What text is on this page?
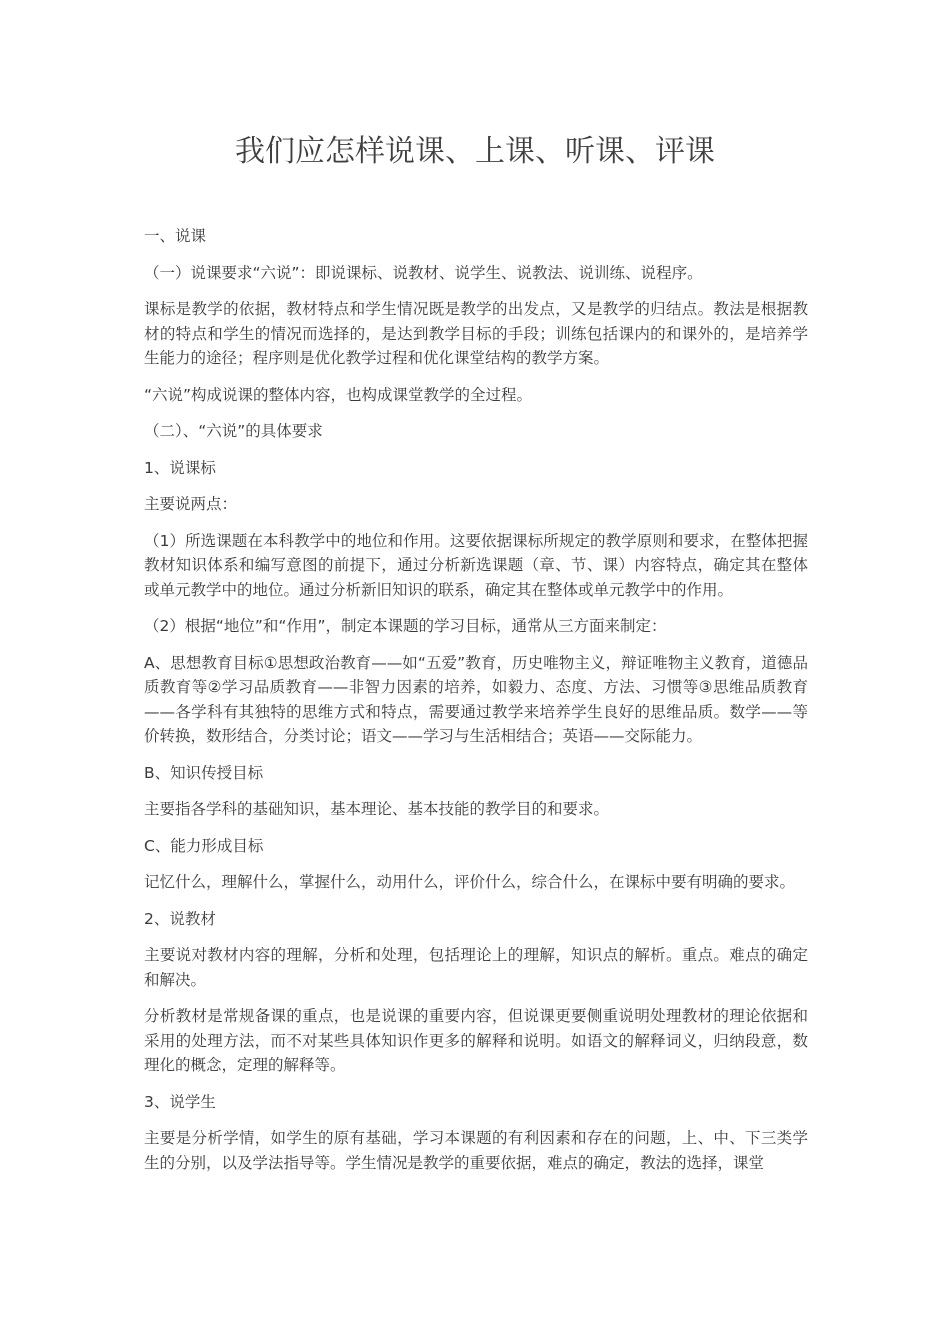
我们应怎样说课、上课、听课、评课

一、说课

（一）说课要求“六说”：即说课标、说教材、说学生、说教法、说训练、说程序。

课标是教学的依据，教材特点和学生情况既是教学的出发点，又是教学的归结点。教法是根据教材的特点和学生的情况而选择的，是达到教学目标的手段；训练包括课内的和课外的，是培养学生能力的途径；程序则是优化教学过程和优化课堂结构的教学方案。

“六说”构成说课的整体内容，也构成课堂教学的全过程。

（二）、“六说”的具体要求

1、说课标

主要说两点：

（1）所选课题在本科教学中的地位和作用。这要依据课标所规定的教学原则和要求，在整体把握教材知识体系和编写意图的前提下，通过分析新选课题（章、节、课）内容特点，确定其在整体或单元教学中的地位。通过分析新旧知识的联系，确定其在整体或单元教学中的作用。

（2）根据“地位”和“作用”，制定本课题的学习目标，通常从三方面来制定：

A、思想教育目标①思想政治教育——如“五爱”教育，历史唯物主义，辩证唯物主义教育，道德品质教育等②学习品质教育——非智力因素的培养，如毅力、态度、方法、习惯等③思维品质教育——各学科有其独特的思维方式和特点，需要通过教学来培养学生良好的思维品质。数学——等价转换，数形结合，分类讨论；语文——学习与生活相结合；英语——交际能力。

B、知识传授目标

主要指各学科的基础知识，基本理论、基本技能的教学目的和要求。

C、能力形成目标

记忆什么，理解什么，掌握什么，动用什么，评价什么，综合什么，在课标中要有明确的要求。

2、说教材

主要说对教材内容的理解，分析和处理，包括理论上的理解，知识点的解析。重点。难点的确定和解决。

分析教材是常规备课的重点，也是说课的重要内容，但说课更要侧重说明处理教材的理论依据和采用的处理方法，而不对某些具体知识作更多的解释和说明。如语文的解释词义，归纳段意，数理化的概念，定理的解释等。

3、说学生

主要是分析学情，如学生的原有基础，学习本课题的有利因素和存在的问题，上、中、下三类学生的分别，以及学法指导等。学生情况是教学的重要依据，难点的确定，教法的选择，课堂
